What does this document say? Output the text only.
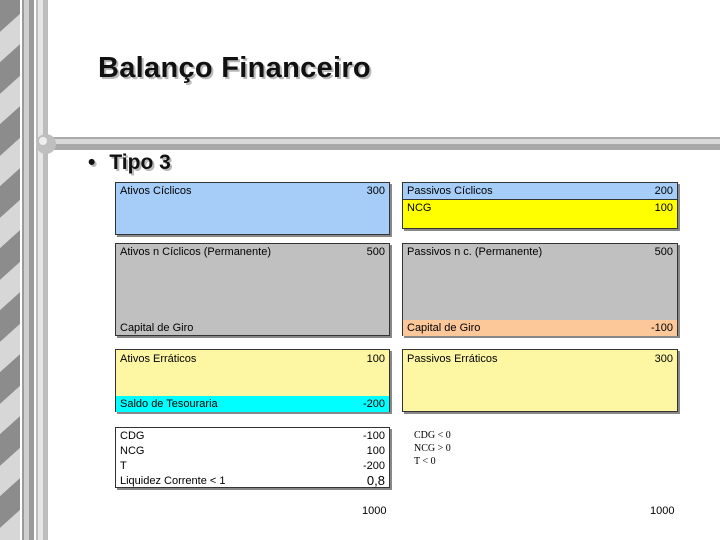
Balanço Financeiro
• Tipo 3
Ativos Cíclicos	300
Ativos n Cíclicos (Permanente)	500
Capital de Giro
Ativos Erráticos	100
Saldo de Tesouraria	-200
CDG	-100
NCG	100
T	-200
Liquidez Corrente < 1	0,8
Passivos Cíclicos	200
NCG	100
Passivos n c. (Permanente)	500
Capital de Giro	-100
Passivos Erráticos	300
CDG < 0
NCG > 0
T < 0
1000	1000
